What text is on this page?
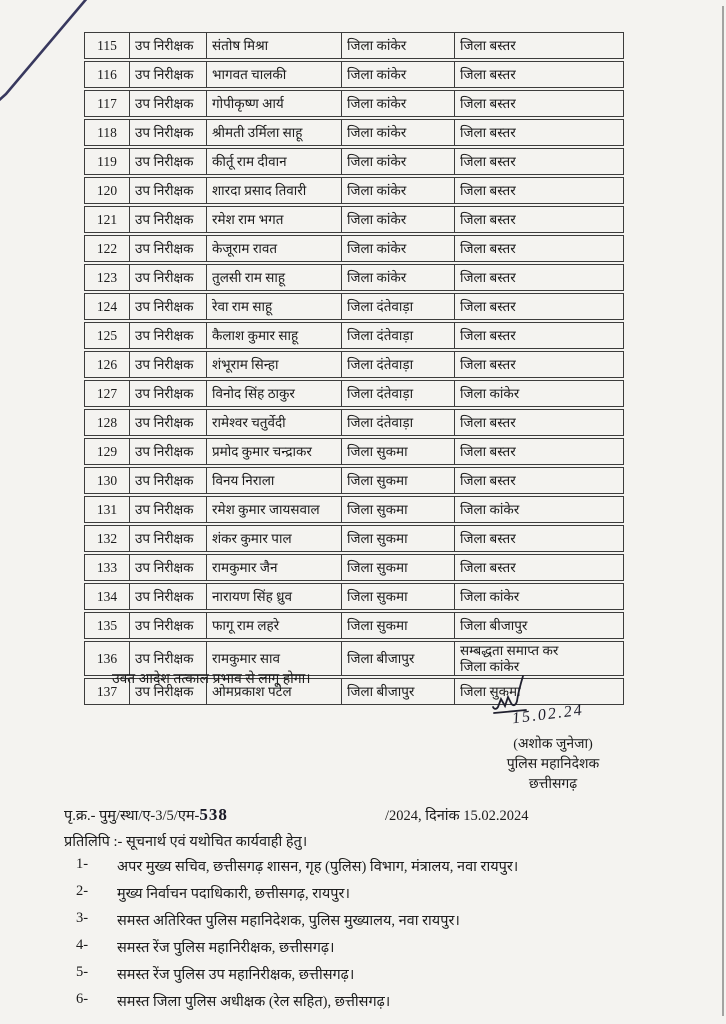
115	उप निरीक्षक	संतोष मिश्रा	जिला कांकेर	जिला बस्तर
116	उप निरीक्षक	भागवत चालकी	जिला कांकेर	जिला बस्तर
117	उप निरीक्षक	गोपीकृष्ण आर्य	जिला कांकेर	जिला बस्तर
118	उप निरीक्षक	श्रीमती उर्मिला साहू	जिला कांकेर	जिला बस्तर
119	उप निरीक्षक	कीर्तू राम दीवान	जिला कांकेर	जिला बस्तर
120	उप निरीक्षक	शारदा प्रसाद तिवारी	जिला कांकेर	जिला बस्तर
121	उप निरीक्षक	रमेश राम भगत	जिला कांकेर	जिला बस्तर
122	उप निरीक्षक	केजूराम रावत	जिला कांकेर	जिला बस्तर
123	उप निरीक्षक	तुलसी राम साहू	जिला कांकेर	जिला बस्तर
124	उप निरीक्षक	रेवा राम साहू	जिला दंतेवाड़ा	जिला बस्तर
125	उप निरीक्षक	कैलाश कुमार साहू	जिला दंतेवाड़ा	जिला बस्तर
126	उप निरीक्षक	शंभूराम सिन्हा	जिला दंतेवाड़ा	जिला बस्तर
127	उप निरीक्षक	विनोद सिंह ठाकुर	जिला दंतेवाड़ा	जिला कांकेर
128	उप निरीक्षक	रामेश्वर चतुर्वेदी	जिला दंतेवाड़ा	जिला बस्तर
129	उप निरीक्षक	प्रमोद कुमार चन्द्राकर	जिला सुकमा	जिला बस्तर
130	उप निरीक्षक	विनय निराला	जिला सुकमा	जिला बस्तर
131	उप निरीक्षक	रमेश कुमार जायसवाल	जिला सुकमा	जिला कांकेर
132	उप निरीक्षक	शंकर कुमार पाल	जिला सुकमा	जिला बस्तर
133	उप निरीक्षक	रामकुमार जैन	जिला सुकमा	जिला बस्तर
134	उप निरीक्षक	नारायण सिंह ध्रुव	जिला सुकमा	जिला कांकेर
135	उप निरीक्षक	फागू राम लहरे	जिला सुकमा	जिला बीजापुर
136	उप निरीक्षक	रामकुमार साव	जिला बीजापुर	सम्बद्धता समाप्त कर
जिला कांकेर
137	उप निरीक्षक	ओमप्रकाश पटेल	जिला बीजापुर	जिला सुकमा
उक्त आदेश तत्काल प्रभाव से लागू होगा।
15.02.24
(अशोक जुनेजा)
पुलिस महानिदेशक
छत्तीसगढ़
पृ.क्र.- पुमु/स्था/ए-3/5/एम-538	/2024, दिनांक 15.02.2024
प्रतिलिपि :- सूचनार्थ एवं यथोचित कार्यवाही हेतु।
1-	अपर मुख्य सचिव, छत्तीसगढ़ शासन, गृह (पुलिस) विभाग, मंत्रालय, नवा रायपुर।
2-	मुख्य निर्वाचन पदाधिकारी, छत्तीसगढ़, रायपुर।
3-	समस्त अतिरिक्त पुलिस महानिदेशक, पुलिस मुख्यालय, नवा रायपुर।
4-	समस्त रेंज पुलिस महानिरीक्षक, छत्तीसगढ़।
5-	समस्त रेंज पुलिस उप महानिरीक्षक, छत्तीसगढ़।
6-	समस्त जिला पुलिस अधीक्षक (रेल सहित), छत्तीसगढ़।
